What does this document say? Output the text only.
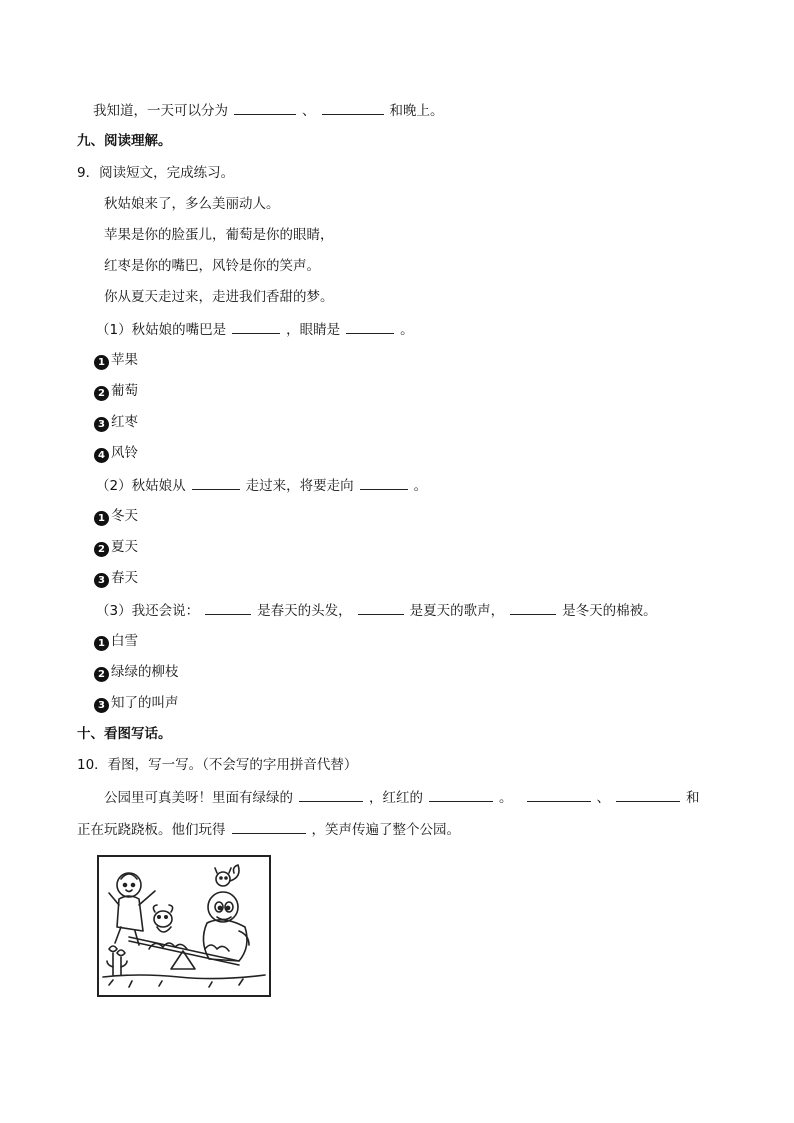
我知道，一天可以分为	、	和晚上。
九、阅读理解。
9．阅读短文，完成练习。
秋姑娘来了，多么美丽动人。
苹果是你的脸蛋儿，葡萄是你的眼睛，
红枣是你的嘴巴，风铃是你的笑声。
你从夏天走过来，走进我们香甜的梦。
（1）秋姑娘的嘴巴是	，眼睛是	。
1 苹果
2 葡萄
3 红枣
4 风铃
（2）秋姑娘从	走过来，将要走向	。
1 冬天
2 夏天
3 春天
（3）我还会说：	是春天的头发，	是夏天的歌声，	是冬天的棉被。
1 白雪
2 绿绿的柳枝
3 知了的叫声
十、看图写话。
10．看图，写一写。（不会写的字用拼音代替）
公园里可真美呀！里面有绿绿的	，红红的	。	、	和
正在玩跷跷板。他们玩得	，笑声传遍了整个公园。
